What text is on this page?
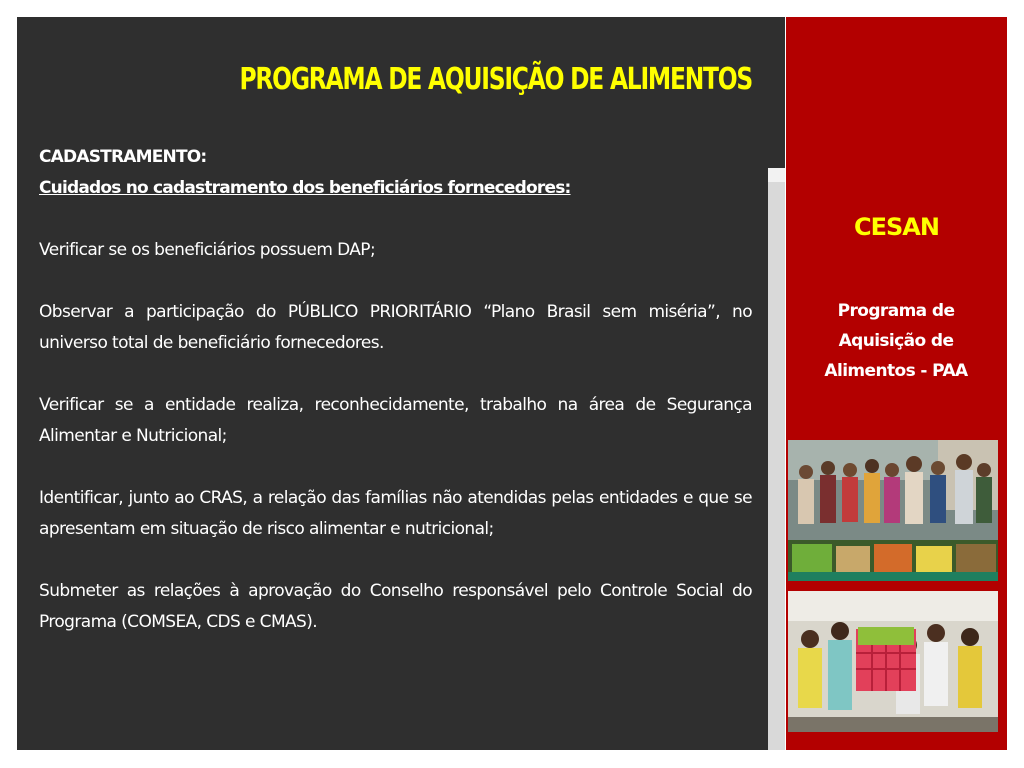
PROGRAMA DE AQUISIÇÃO DE ALIMENTOS
CADASTRAMENTO:
Cuidados no cadastramento dos beneficiários fornecedores:
Verificar se os beneficiários possuem DAP;
Observar a participação do PÚBLICO PRIORITÁRIO “Plano Brasil sem miséria”, no universo total de beneficiário fornecedores.
Verificar se a entidade realiza, reconhecidamente, trabalho na área de Segurança Alimentar e Nutricional;
Identificar, junto ao CRAS, a relação das famílias não atendidas pelas entidades e que se apresentam em situação de risco alimentar e nutricional;
Submeter as relações à aprovação do Conselho responsável pelo Controle Social do Programa (COMSEA, CDS e CMAS).
CESAN
Programa de
Aquisição de
Alimentos - PAA
